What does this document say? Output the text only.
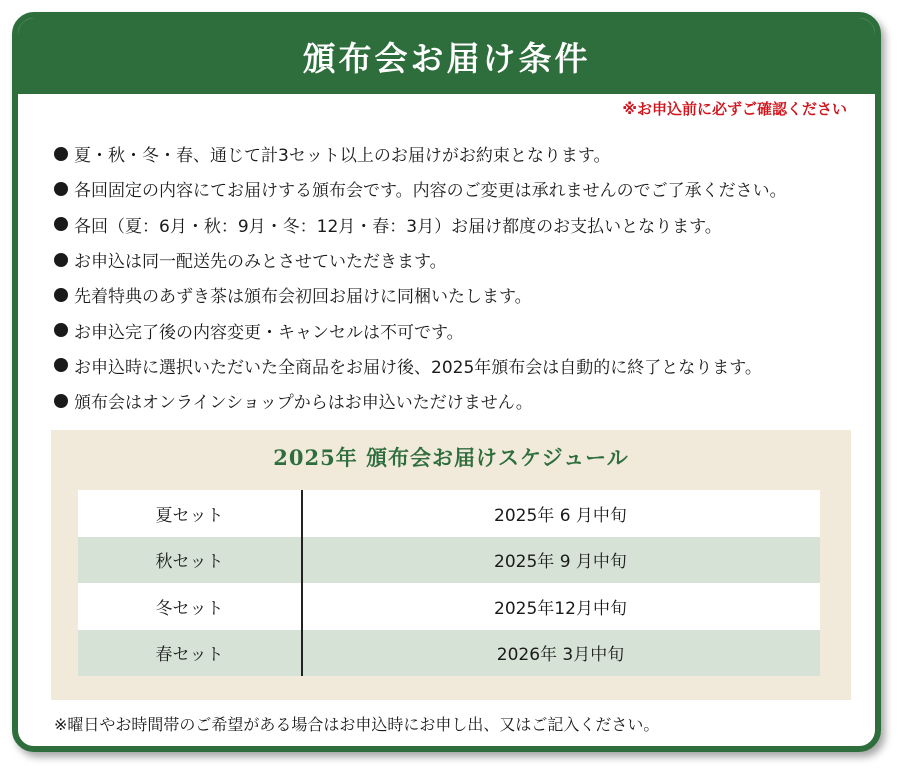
頒布会お届け条件
※お申込前に必ずご確認ください
夏・秋・冬・春、通じて計3セット以上のお届けがお約束となります。
各回固定の内容にてお届けする頒布会です。内容のご変更は承れませんのでご了承ください。
各回（夏：6月・秋：9月・冬：12月・春：3月）お届け都度のお支払いとなります。
お申込は同一配送先のみとさせていただきます。
先着特典のあずき茶は頒布会初回お届けに同梱いたします。
お申込完了後の内容変更・キャンセルは不可です。
お申込時に選択いただいた全商品をお届け後、2025年頒布会は自動的に終了となります。
頒布会はオンラインショップからはお申込いただけません。
2025年 頒布会お届けスケジュール
夏セット	2025年 6 月中旬
秋セット	2025年 9 月中旬
冬セット	2025年12月中旬
春セット	2026年 3月中旬
※曜日やお時間帯のご希望がある場合はお申込時にお申し出、又はご記入ください。
